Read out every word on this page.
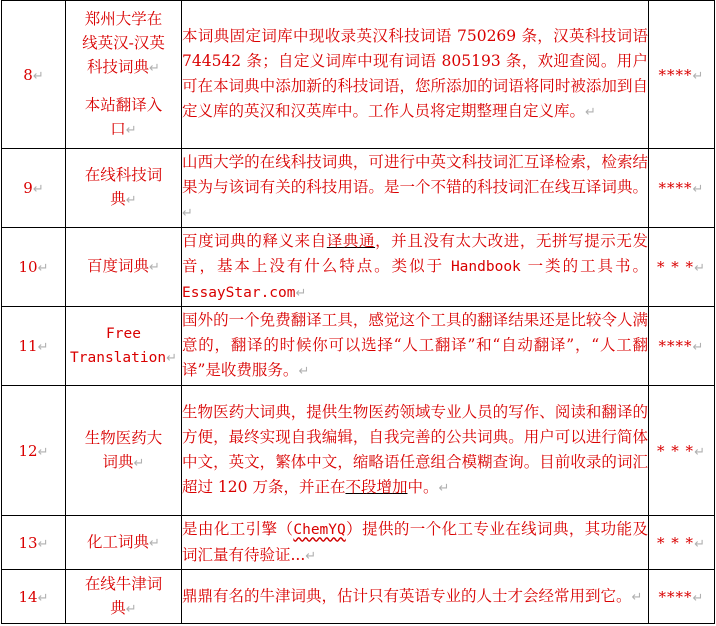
8↵	郑州大学在
线英汉-汉英
科技词典↵
本站翻译入
口↵	本词典固定词库中现收录英汉科技词语 750269 条，汉英科技词语 744542 条；自定义词库中现有词语 805193 条，欢迎查阅。用户可在本词典中添加新的科技词语，您所添加的词语将同时被添加到自定义库的英汉和汉英库中。工作人员将定期整理自定义库。↵	****↵
9↵	在线科技词
典↵	山西大学的在线科技词典，可进行中英文科技词汇互译检索，检索结果为与该词有关的科技用语。是一个不错的科技词汇在线互译词典。↵	****↵
10↵	百度词典↵	百度词典的释义来自译典通，并且没有太大改进，无拼写提示无发音，基本上没有什么特点。类似于 Handbook 一类的工具书。EssayStar.com↵	* * *↵
11↵	Free
Translation↵	国外的一个免费翻译工具，感觉这个工具的翻译结果还是比较令人满意的，翻译的时候你可以选择“人工翻译”和“自动翻译”，“人工翻译”是收费服务。↵	****↵
12↵	生物医药大
词典↵	生物医药大词典，提供生物医药领域专业人员的写作、阅读和翻译的方便，最终实现自我编辑，自我完善的公共词典。用户可以进行简体中文，英文，繁体中文，缩略语任意组合模糊查询。目前收录的词汇超过 120 万条，并正在不段增加中。↵	* * *↵
13↵	化工词典↵	是由化工引擎（ChemYQ）提供的一个化工专业在线词典，其功能及词汇量有待验证...↵	* * *↵
14↵	在线牛津词
典↵	鼎鼎有名的牛津词典，估计只有英语专业的人士才会经常用到它。↵	****↵
